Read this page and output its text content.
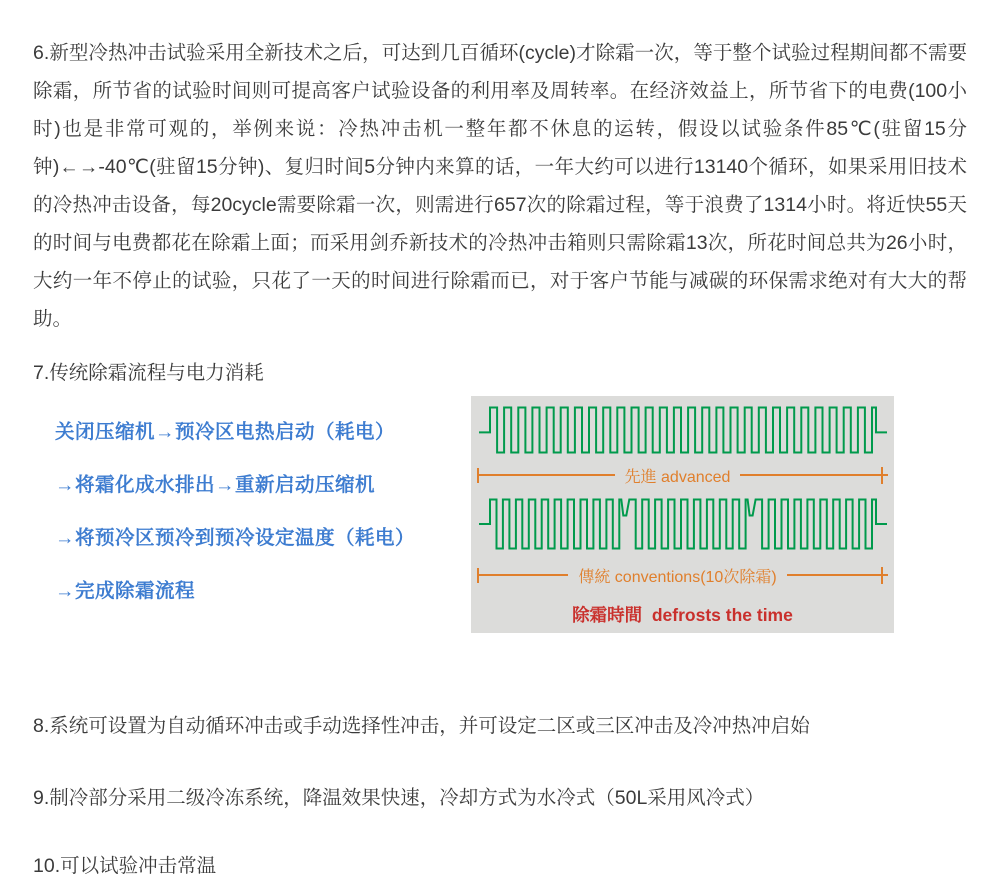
6.新型冷热冲击试验采用全新技术之后，可达到几百循环(cycle)才除霜一次，等于整个试验过程期间都不需要除霜，所节省的试验时间则可提高客户试验设备的利用率及周转率。在经济效益上，所节省下的电费(100小时)也是非常可观的，举例来说：冷热冲击机一整年都不休息的运转，假设以试验条件85℃(驻留15分钟)←→-40℃(驻留15分钟)、复归时间5分钟内来算的话，一年大约可以进行13140个循环，如果采用旧技术的冷热冲击设备，每20cycle需要除霜一次，则需进行657次的除霜过程，等于浪费了1314小时。将近快55天的时间与电费都花在除霜上面；而采用剑乔新技术的冷热冲击箱则只需除霜13次，所花时间总共为26小时，大约一年不停止的试验，只花了一天的时间进行除霜而已，对于客户节能与减碳的环保需求绝对有大大的帮助。

7.传统除霜流程与电力消耗
关闭压缩机→预冷区电热启动（耗电）
→将霜化成水排出→重新启动压缩机
→将预冷区预冷到预冷设定温度（耗电）
→完成除霜流程
先進 advanced
傳統 conventions(10次除霜)
除霜時間  defrosts the time

8.系统可设置为自动循环冲击或手动选择性冲击，并可设定二区或三区冲击及冷冲热冲启始

9.制冷部分采用二级冷冻系统，降温效果快速，冷却方式为水冷式（50L采用风冷式）

10.可以试验冲击常温
